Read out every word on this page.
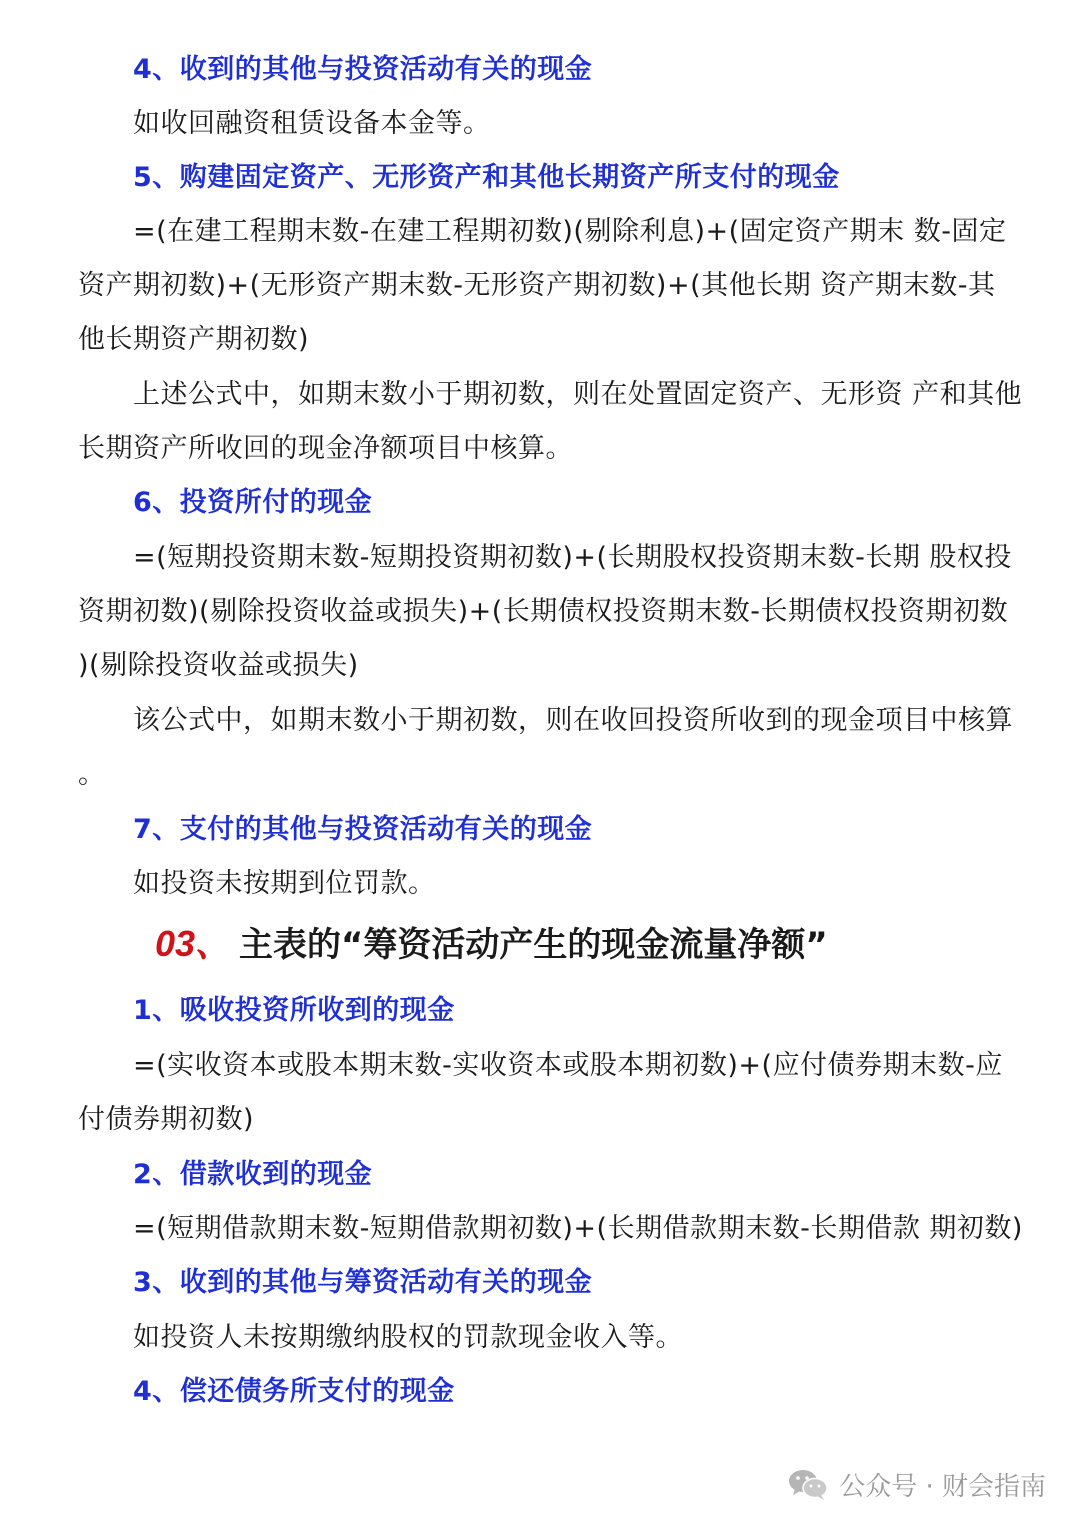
4、收到的其他与投资活动有关的现金
如收回融资租赁设备本金等。
5、购建固定资产、无形资产和其他长期资产所支付的现金
=(在建工程期末数-在建工程期初数)(剔除利息)+(固定资产期末 数-固定
资产期初数)+(无形资产期末数-无形资产期初数)+(其他长期 资产期末数-其
他长期资产期初数)
上述公式中，如期末数小于期初数，则在处置固定资产、无形资 产和其他
长期资产所收回的现金净额项目中核算。
6、投资所付的现金
=(短期投资期末数-短期投资期初数)+(长期股权投资期末数-长期 股权投
资期初数)(剔除投资收益或损失)+(长期债权投资期末数-长期债权投资期初数
)(剔除投资收益或损失)
该公式中，如期末数小于期初数，则在收回投资所收到的现金项目中核算
。
7、支付的其他与投资活动有关的现金
如投资未按期到位罚款。
03、 主表的“筹资活动产生的现金流量净额”
1、吸收投资所收到的现金
=(实收资本或股本期末数-实收资本或股本期初数)+(应付债券期末数-应
付债券期初数)
2、借款收到的现金
=(短期借款期末数-短期借款期初数)+(长期借款期末数-长期借款 期初数)
3、收到的其他与筹资活动有关的现金
如投资人未按期缴纳股权的罚款现金收入等。
4、偿还债务所支付的现金
公众号 · 财会指南
